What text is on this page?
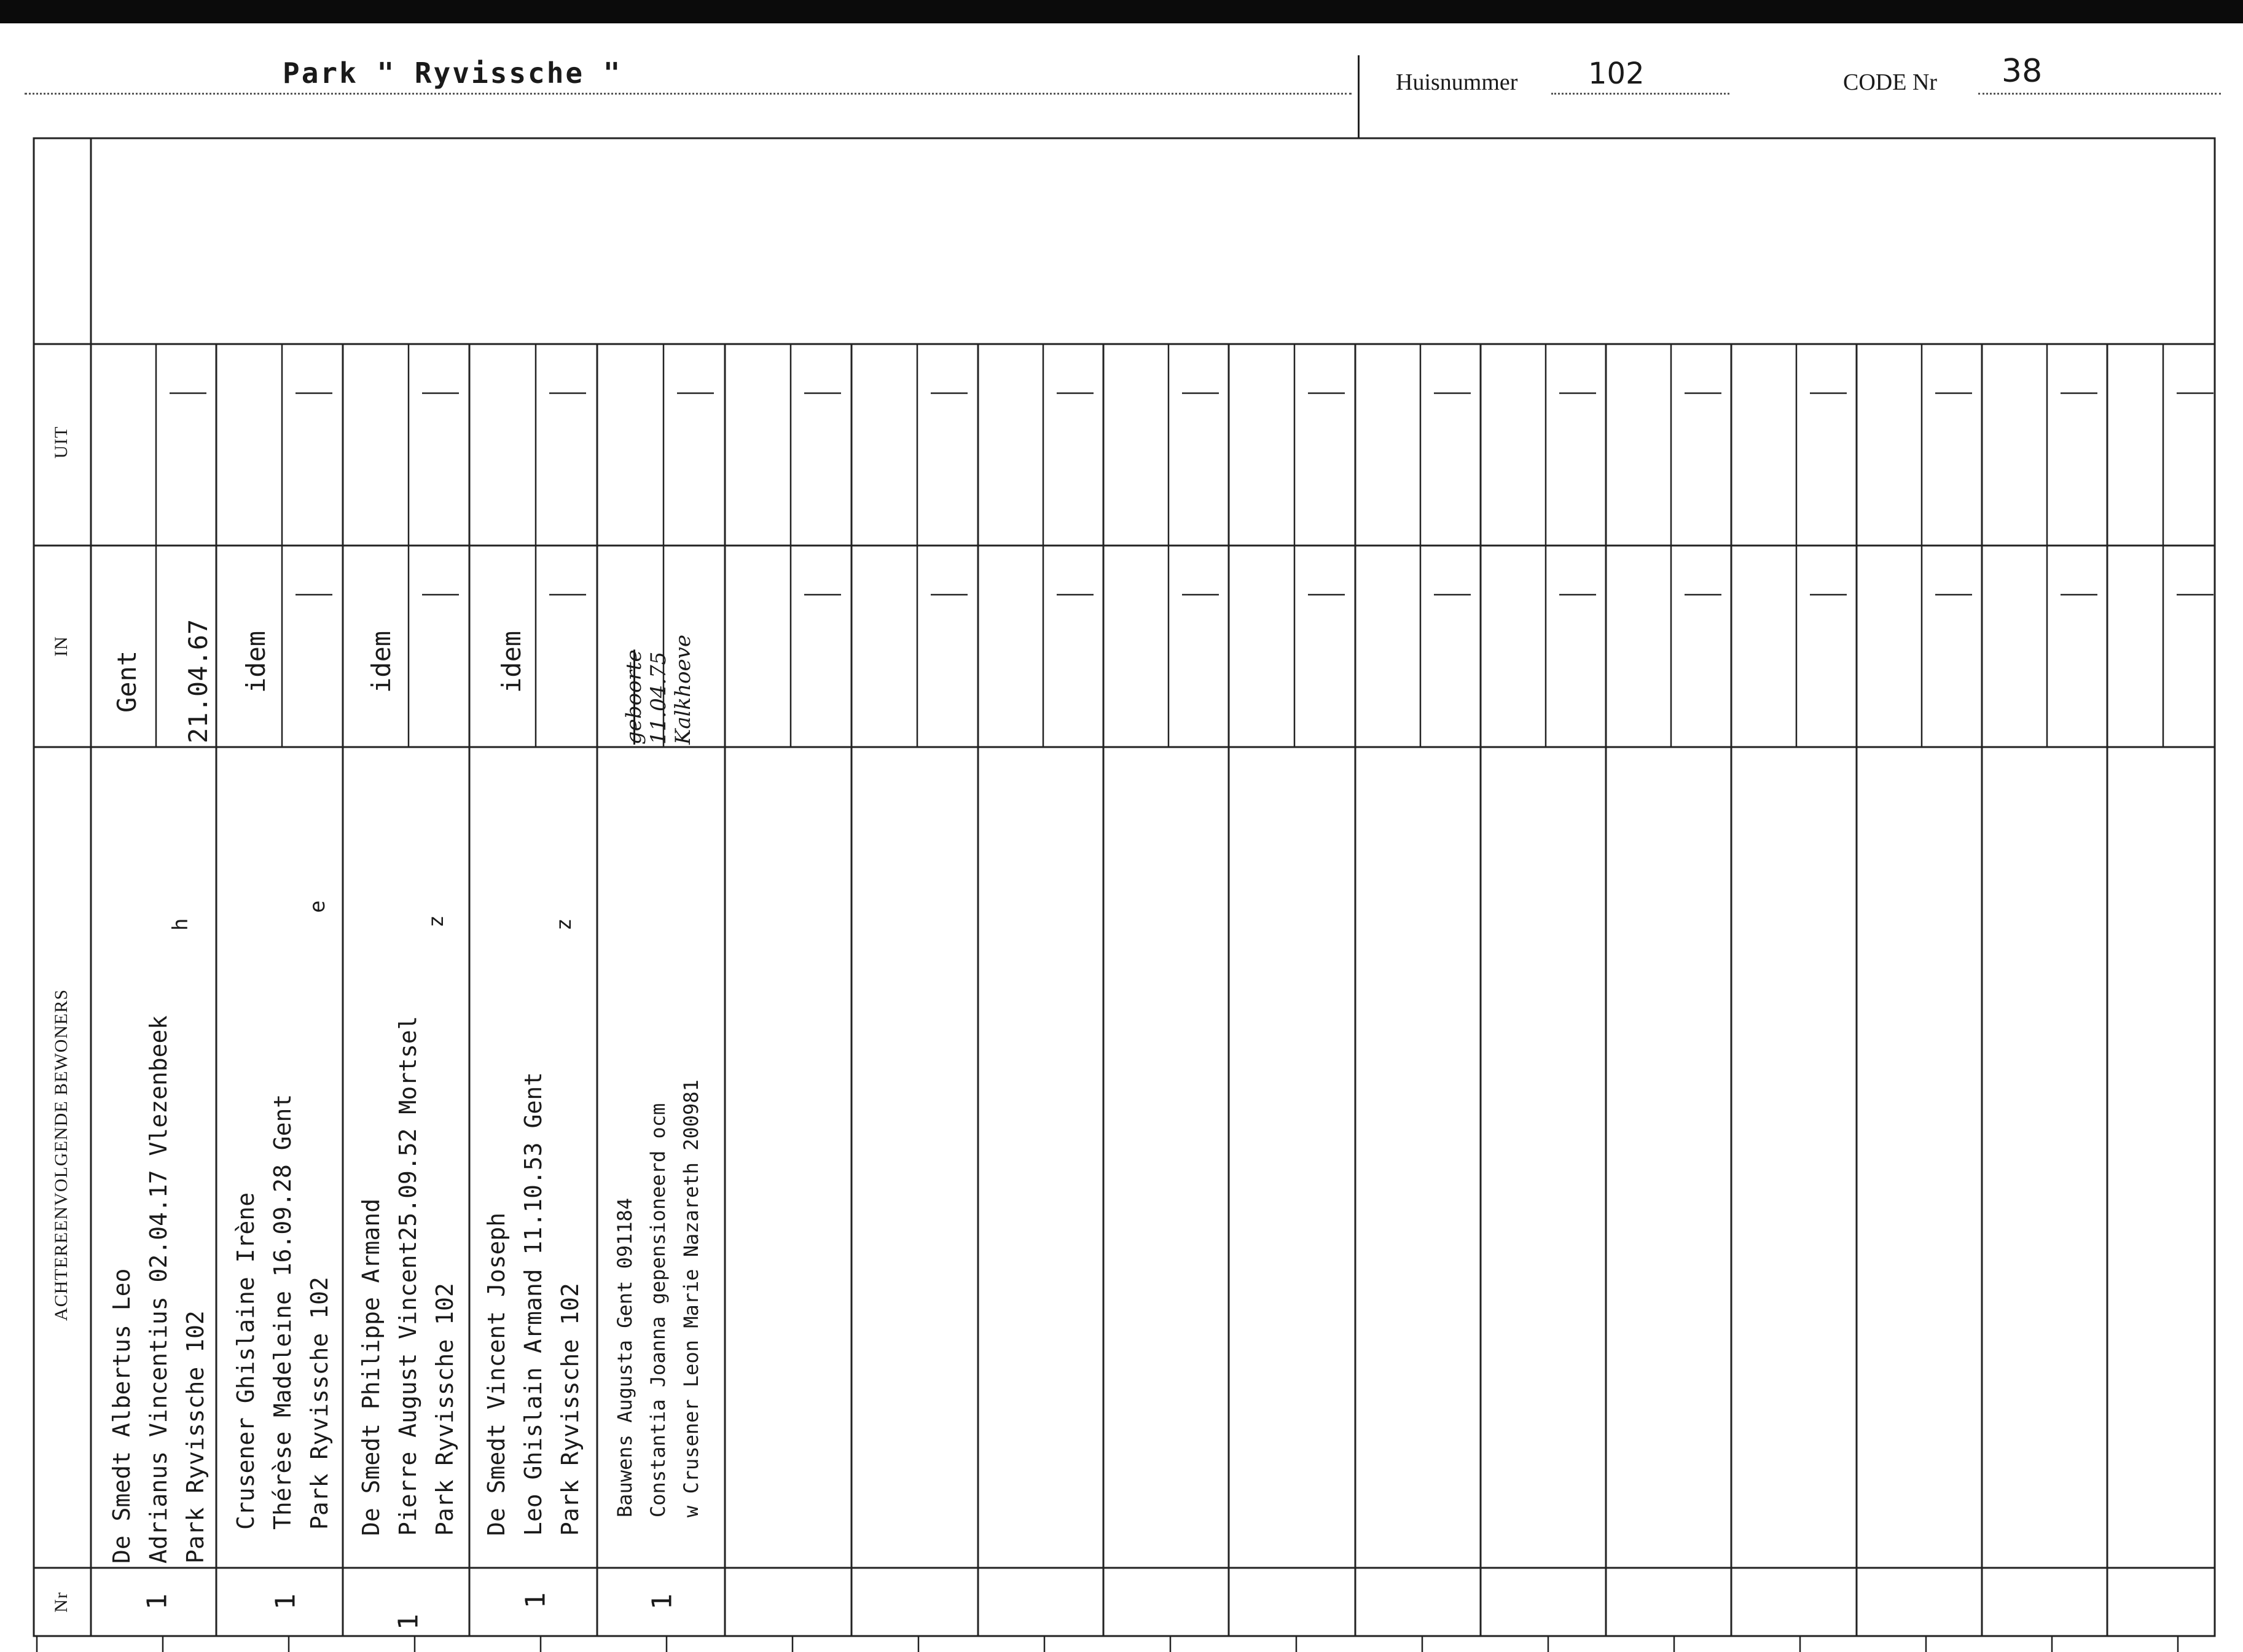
Park " Ryvissche "	Huisnummer 102	CODE Nr 38
UIT
IN
ACHTEREENVOLGENDE BEWONERS
Nr
De Smedt Albertus Leo Adrianus Vincentius 02.04.17 Vlezenbeek Park Ryvissche 102
h
Gent 21.04.67
1
Crusener Ghislaine Irène Thérèse Madeleine 16.09.28 Gent Park Ryvissche 102
e
idem
1
De Smedt Philippe Armand Pierre August Vincent25.09.52 Mortsel Park Ryvissche 102
z
idem
1
De Smedt Vincent Joseph Leo Ghislain Armand 11.10.53 Gent Park Ryvissche 102
z
idem
1
Bauwens Augusta Gent 091184 Constantia Joanna gepensioneerd ocm w Crusener Leon Marie Nazareth 200981
geboorte 11.04.75 Kalkhoeve
1
